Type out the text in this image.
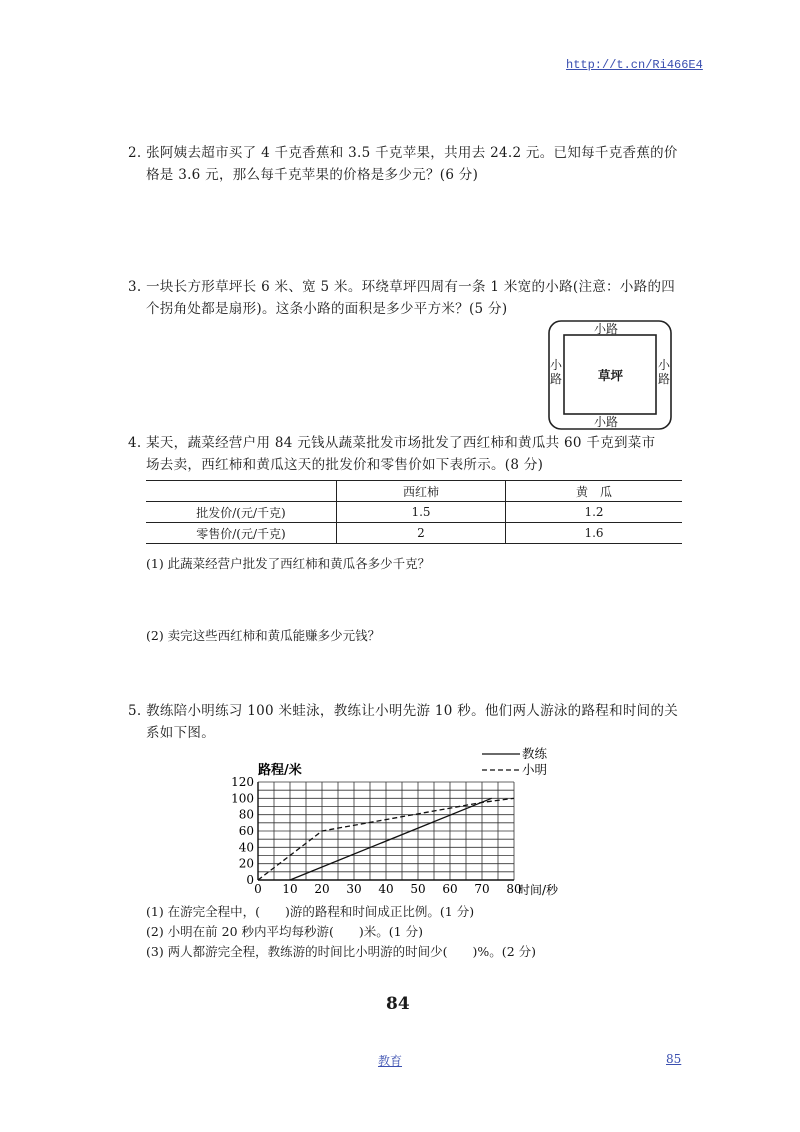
http://t.cn/Ri466E4
2. 张阿姨去超市买了 4 千克香蕉和 3.5 千克苹果，共用去 24.2 元。已知每千克香蕉的价
格是 3.6 元，那么每千克苹果的价格是多少元？(6 分)
3. 一块长方形草坪长 6 米、宽 5 米。环绕草坪四周有一条 1 米宽的小路(注意：小路的四
个拐角处都是扇形)。这条小路的面积是多少平方米？(5 分)
小路
小路
小路
小路
草坪
4. 某天，蔬菜经营户用 84 元钱从蔬菜批发市场批发了西红柿和黄瓜共 60 千克到菜市
场去卖，西红柿和黄瓜这天的批发价和零售价如下表所示。(8 分)
	西红柿	黄　瓜
批发价/(元/千克)	1.5	1.2
零售价/(元/千克)	2	1.6
(1) 此蔬菜经营户批发了西红柿和黄瓜各多少千克？
(2) 卖完这些西红柿和黄瓜能赚多少元钱？
5. 教练陪小明练习 100 米蛙泳，教练让小明先游 10 秒。他们两人游泳的路程和时间的关
系如下图。
0 10 20 30 40 50 60 70 80
0
20
40
60
80
100
120
路程/米
时间/秒
教练
小明
(1) 在游完全程中，(　　)游的路程和时间成正比例。(1 分)
(2) 小明在前 20 秒内平均每秒游(　　)米。(1 分)
(3) 两人都游完全程，教练游的时间比小明游的时间少(　　)%。(2 分)
84
教育	85
